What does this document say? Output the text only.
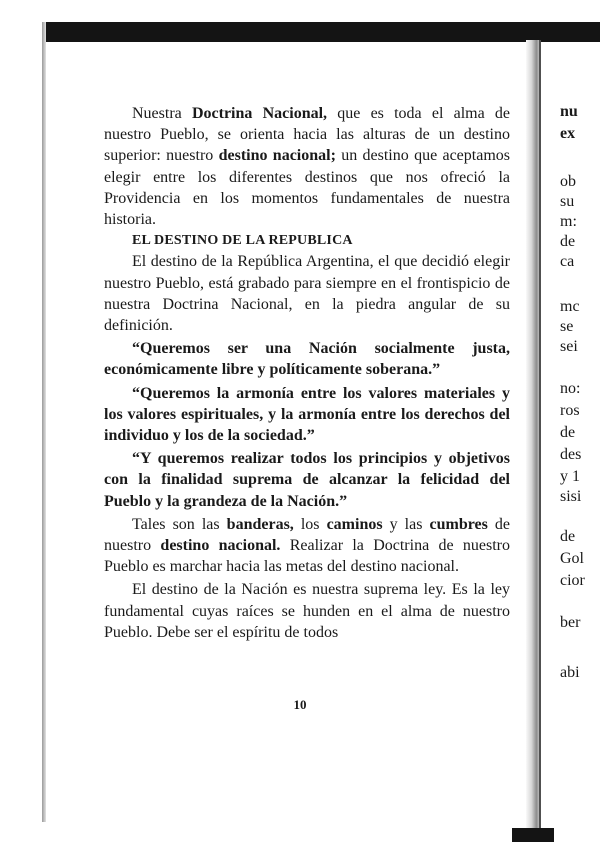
Nuestra Doctrina Nacional, que es toda el alma de nuestro Pueblo, se orienta hacia las alturas de un destino superior: nuestro destino nacional; un destino que aceptamos elegir entre los diferentes destinos que nos ofreció la Providencia en los momentos fundamentales de nuestra historia.

EL DESTINO DE LA REPUBLICA

El destino de la República Argentina, el que decidió elegir nuestro Pueblo, está grabado para siempre en el frontispicio de nuestra Doctrina Nacional, en la piedra angular de su definición.

“Queremos ser una Nación socialmente justa, económicamente libre y políticamente soberana.”

“Queremos la armonía entre los valores materiales y los valores espirituales, y la armonía entre los derechos del individuo y los de la sociedad.”

“Y queremos realizar todos los principios y objetivos con la finalidad suprema de alcanzar la felicidad del Pueblo y la grandeza de la Nación.”

Tales son las banderas, los caminos y las cumbres de nuestro destino nacional. Realizar la Doctrina de nuestro Pueblo es marchar hacia las metas del destino nacional.

El destino de la Nación es nuestra suprema ley. Es la ley fundamental cuyas raíces se hunden en el alma de nuestro Pueblo. Debe ser el espíritu de todos

10
nu
ex
ob
su
m:
de
ca
mc
se
sei
no:
ros
de
des
y 1
sisi
de
Gol
cior
ber
abi
